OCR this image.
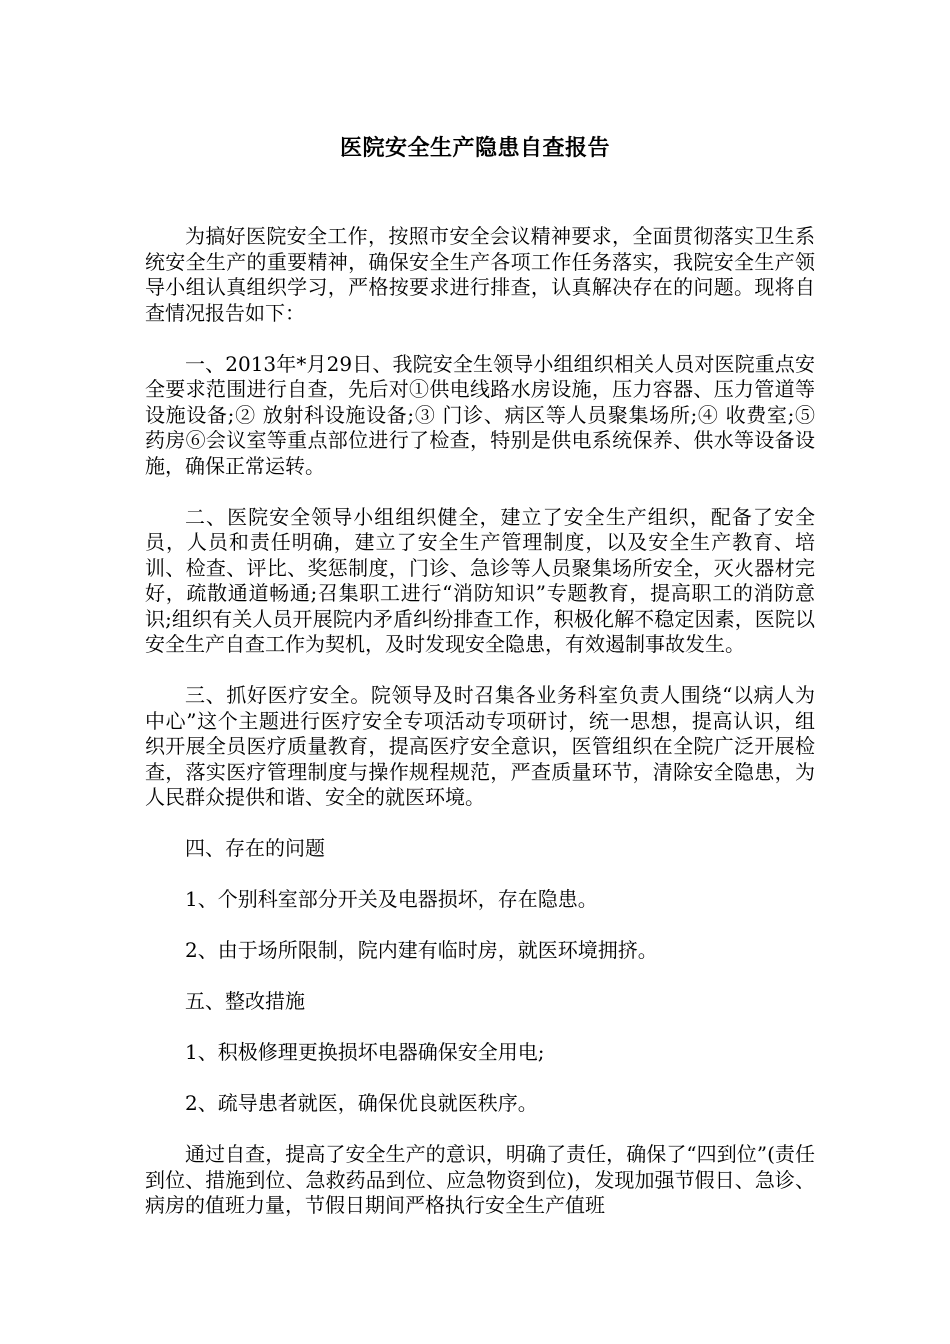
医院安全生产隐患自查报告

为搞好医院安全工作，按照市安全会议精神要求，全面贯彻落实卫生系统安全生产的重要精神，确保安全生产各项工作任务落实，我院安全生产领导小组认真组织学习，严格按要求进行排查，认真解决存在的问题。现将自查情况报告如下：

一、2013年*月29日、我院安全生领导小组组织相关人员对医院重点安全要求范围进行自查，先后对①供电线路水房设施，压力容器、压力管道等设施设备;② 放射科设施设备;③ 门诊、病区等人员聚集场所;④ 收费室;⑤ 药房⑥会议室等重点部位进行了检查，特别是供电系统保养、供水等设备设施，确保正常运转。

二、医院安全领导小组组织健全，建立了安全生产组织，配备了安全员，人员和责任明确，建立了安全生产管理制度，以及安全生产教育、培训、检查、评比、奖惩制度，门诊、急诊等人员聚集场所安全，灭火器材完好，疏散通道畅通;召集职工进行“消防知识”专题教育，提高职工的消防意识;组织有关人员开展院内矛盾纠纷排查工作，积极化解不稳定因素，医院以安全生产自查工作为契机，及时发现安全隐患，有效遏制事故发生。

三、抓好医疗安全。院领导及时召集各业务科室负责人围绕“以病人为中心”这个主题进行医疗安全专项活动专项研讨，统一思想，提高认识，组织开展全员医疗质量教育，提高医疗安全意识，医管组织在全院广泛开展检查，落实医疗管理制度与操作规程规范，严查质量环节，清除安全隐患，为人民群众提供和谐、安全的就医环境。

四、存在的问题

1、个别科室部分开关及电器损坏，存在隐患。

2、由于场所限制，院内建有临时房，就医环境拥挤。

五、整改措施

1、积极修理更换损坏电器确保安全用电;

2、疏导患者就医，确保优良就医秩序。

通过自查，提高了安全生产的意识，明确了责任，确保了“四到位”(责任到位、措施到位、急救药品到位、应急物资到位)，发现加强节假日、急诊、病房的值班力量，节假日期间严格执行安全生产值班
